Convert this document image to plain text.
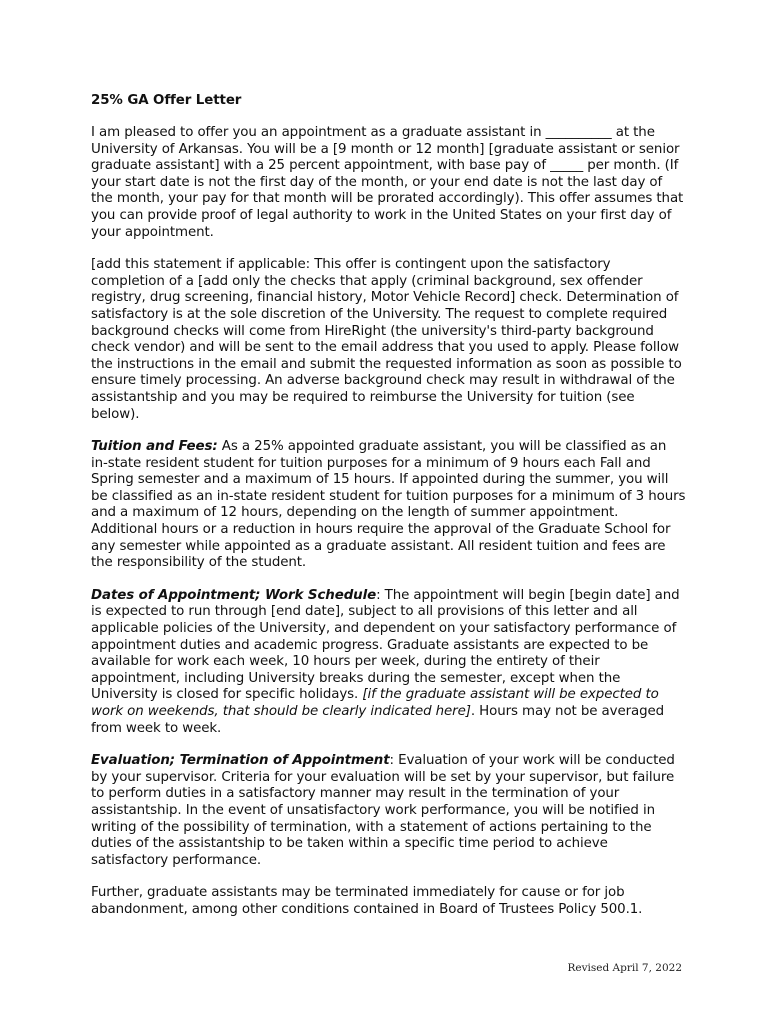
25% GA Offer Letter

I am pleased to offer you an appointment as a graduate assistant in __________ at the University of Arkansas. You will be a [9 month or 12 month] [graduate assistant or senior graduate assistant] with a 25 percent appointment, with base pay of _____ per month. (If your start date is not the first day of the month, or your end date is not the last day of the month, your pay for that month will be prorated accordingly). This offer assumes that you can provide proof of legal authority to work in the United States on your first day of your appointment.

[add this statement if applicable: This offer is contingent upon the satisfactory completion of a [add only the checks that apply (criminal background, sex offender registry, drug screening, financial history, Motor Vehicle Record] check. Determination of satisfactory is at the sole discretion of the University. The request to complete required background checks will come from HireRight (the university's third-party background check vendor) and will be sent to the email address that you used to apply. Please follow the instructions in the email and submit the requested information as soon as possible to ensure timely processing. An adverse background check may result in withdrawal of the assistantship and you may be required to reimburse the University for tuition (see below).

Tuition and Fees: As a 25% appointed graduate assistant, you will be classified as an in-state resident student for tuition purposes for a minimum of 9 hours each Fall and Spring semester and a maximum of 15 hours. If appointed during the summer, you will be classified as an in-state resident student for tuition purposes for a minimum of 3 hours and a maximum of 12 hours, depending on the length of summer appointment. Additional hours or a reduction in hours require the approval of the Graduate School for any semester while appointed as a graduate assistant. All resident tuition and fees are the responsibility of the student.

Dates of Appointment; Work Schedule: The appointment will begin [begin date] and is expected to run through [end date], subject to all provisions of this letter and all applicable policies of the University, and dependent on your satisfactory performance of appointment duties and academic progress. Graduate assistants are expected to be available for work each week, 10 hours per week, during the entirety of their appointment, including University breaks during the semester, except when the University is closed for specific holidays. [if the graduate assistant will be expected to work on weekends, that should be clearly indicated here]. Hours may not be averaged from week to week.

Evaluation; Termination of Appointment: Evaluation of your work will be conducted by your supervisor. Criteria for your evaluation will be set by your supervisor, but failure to perform duties in a satisfactory manner may result in the termination of your assistantship. In the event of unsatisfactory work performance, you will be notified in writing of the possibility of termination, with a statement of actions pertaining to the duties of the assistantship to be taken within a specific time period to achieve satisfactory performance.

Further, graduate assistants may be terminated immediately for cause or for job abandonment, among other conditions contained in Board of Trustees Policy 500.1.

Revised April 7, 2022
